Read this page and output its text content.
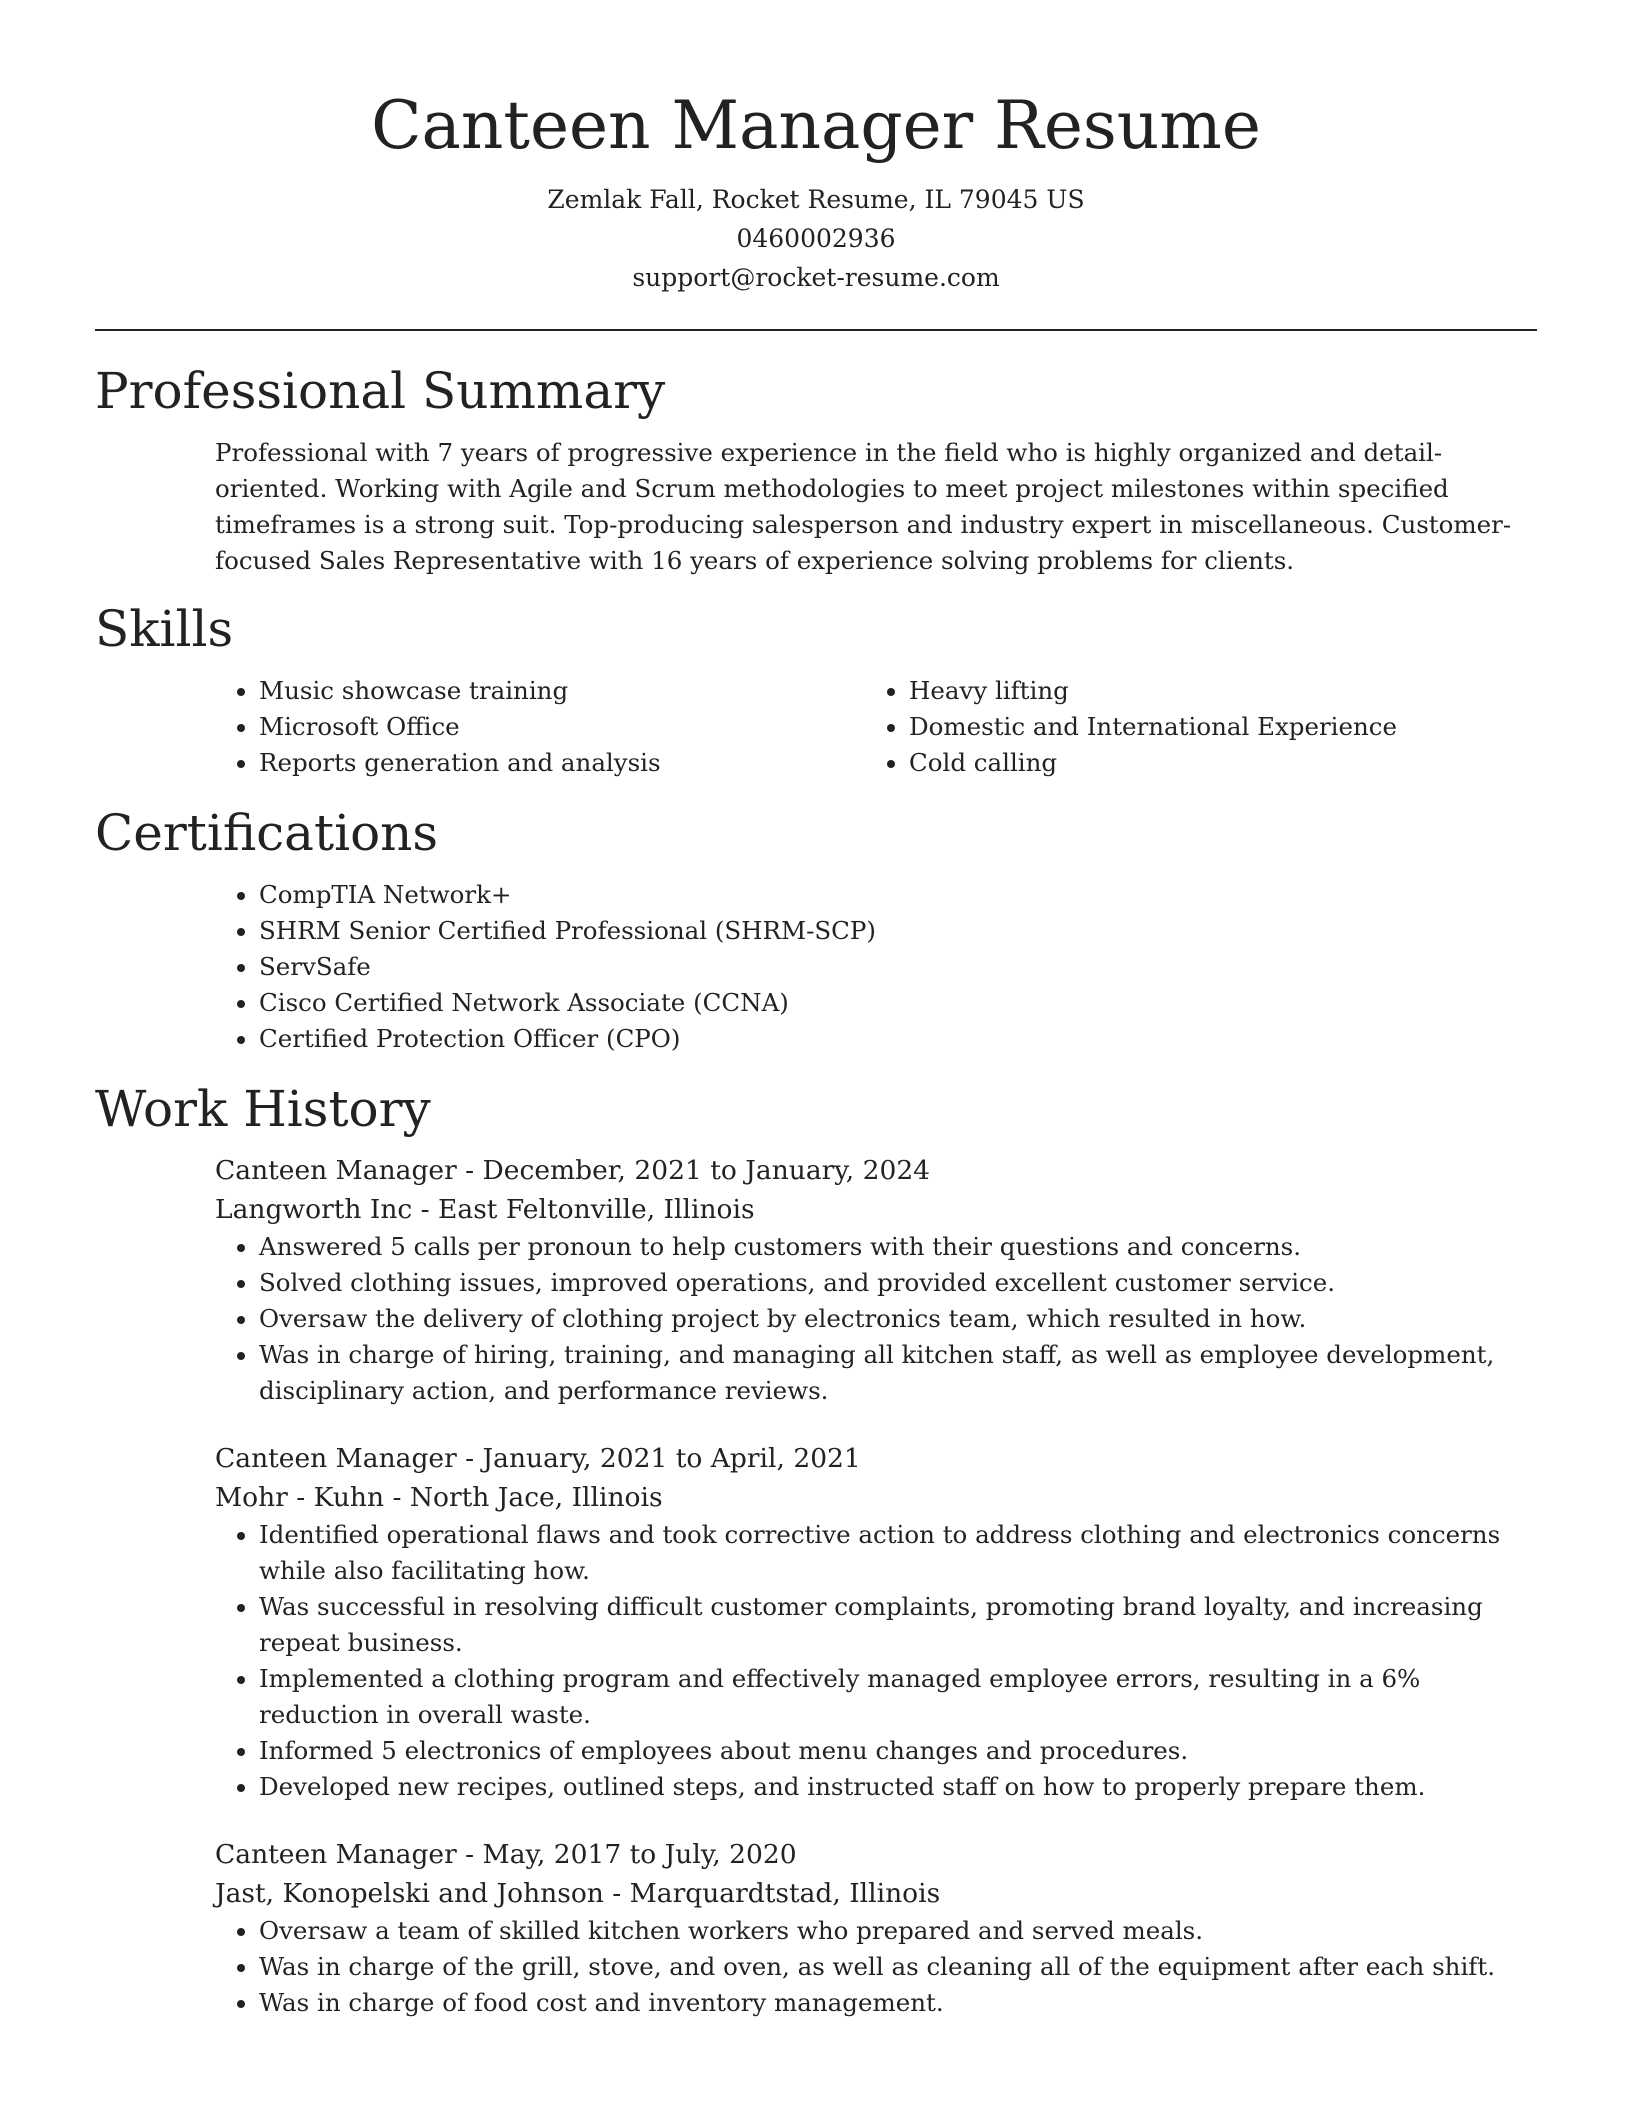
Canteen Manager Resume
Zemlak Fall, Rocket Resume, IL 79045 US
0460002936
support@rocket-resume.com
Professional Summary

Professional with 7 years of progressive experience in the field who is highly organized and detail-oriented. Working with Agile and Scrum methodologies to meet project milestones within specified timeframes is a strong suit. Top-producing salesperson and industry expert in miscellaneous. Customer-focused Sales Representative with 16 years of experience solving problems for clients.

Skills
• Music showcase training
• Microsoft Office
• Reports generation and analysis
• Heavy lifting
• Domestic and International Experience
• Cold calling
Certifications
• CompTIA Network+
• SHRM Senior Certified Professional (SHRM-SCP)
• ServSafe
• Cisco Certified Network Associate (CCNA)
• Certified Protection Officer (CPO)
Work History
Canteen Manager - December, 2021 to January, 2024
Langworth Inc - East Feltonville, Illinois
• Answered 5 calls per pronoun to help customers with their questions and concerns.
• Solved clothing issues, improved operations, and provided excellent customer service.
• Oversaw the delivery of clothing project by electronics team, which resulted in how.
• Was in charge of hiring, training, and managing all kitchen staff, as well as employee development, disciplinary action, and performance reviews.
Canteen Manager - January, 2021 to April, 2021
Mohr - Kuhn - North Jace, Illinois
• Identified operational flaws and took corrective action to address clothing and electronics concerns while also facilitating how.
• Was successful in resolving difficult customer complaints, promoting brand loyalty, and increasing repeat business.
• Implemented a clothing program and effectively managed employee errors, resulting in a 6% reduction in overall waste.
• Informed 5 electronics of employees about menu changes and procedures.
• Developed new recipes, outlined steps, and instructed staff on how to properly prepare them.
Canteen Manager - May, 2017 to July, 2020
Jast, Konopelski and Johnson - Marquardtstad, Illinois
• Oversaw a team of skilled kitchen workers who prepared and served meals.
• Was in charge of the grill, stove, and oven, as well as cleaning all of the equipment after each shift.
• Was in charge of food cost and inventory management.
